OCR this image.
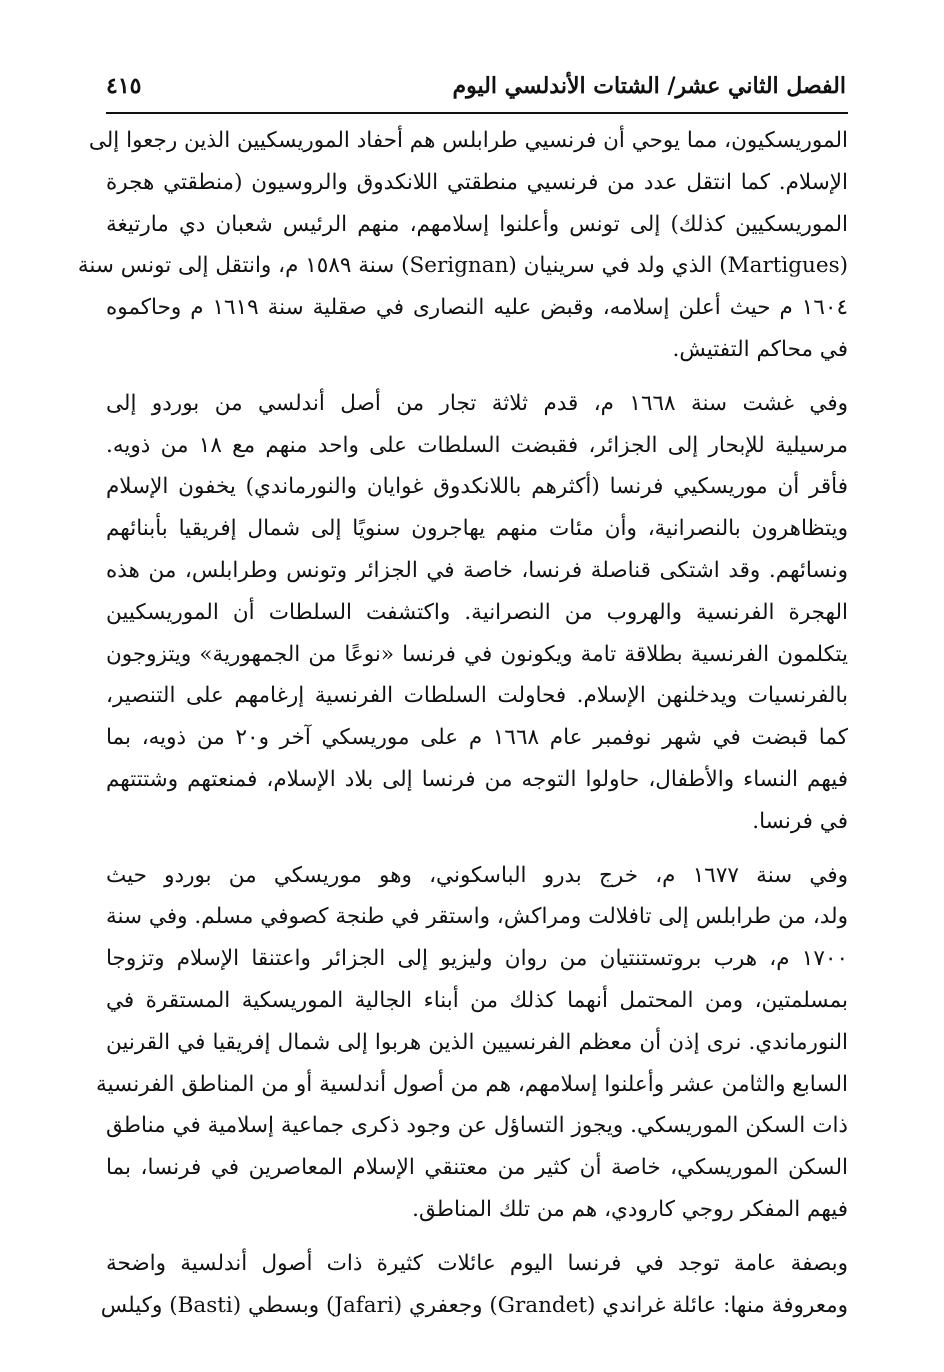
٤١٥	الفصل الثاني عشر/ الشتات الأندلسي اليوم
الموريسكيون، مما يوحي أن فرنسيي طرابلس هم أحفاد الموريسكيين الذين رجعوا إلى
الإسلام. كما انتقل عدد من فرنسيي منطقتي اللانكدوق والروسيون (منطقتي هجرة
الموريسكيين كذلك) إلى تونس وأعلنوا إسلامهم، منهم الرئيس شعبان دي مارتيغة
(Martigues) الذي ولد في سرينيان (Serignan) سنة ١٥٨٩ م، وانتقل إلى تونس سنة
١٦٠٤ م حيث أعلن إسلامه، وقبض عليه النصارى في صقلية سنة ١٦١٩ م وحاكموه
في محاكم التفتيش.
وفي غشت سنة ١٦٦٨ م، قدم ثلاثة تجار من أصل أندلسي من بوردو إلى
مرسيلية للإبحار إلى الجزائر، فقبضت السلطات على واحد منهم مع ١٨ من ذويه.
فأقر أن موريسكيي فرنسا (أكثرهم باللانكدوق غوايان والنورماندي) يخفون الإسلام
ويتظاهرون بالنصرانية، وأن مئات منهم يهاجرون سنويًا إلى شمال إفريقيا بأبنائهم
ونسائهم. وقد اشتكى قناصلة فرنسا، خاصة في الجزائر وتونس وطرابلس، من هذه
الهجرة الفرنسية والهروب من النصرانية. واكتشفت السلطات أن الموريسكيين
يتكلمون الفرنسية بطلاقة تامة ويكونون في فرنسا «نوعًا من الجمهورية» ويتزوجون
بالفرنسيات ويدخلنهن الإسلام. فحاولت السلطات الفرنسية إرغامهم على التنصير،
كما قبضت في شهر نوفمبر عام ١٦٦٨ م على موريسكي آخر و٢٠ من ذويه، بما
فيهم النساء والأطفال، حاولوا التوجه من فرنسا إلى بلاد الإسلام، فمنعتهم وشتتتهم
في فرنسا.
وفي سنة ١٦٧٧ م، خرج بدرو الباسكوني، وهو موريسكي من بوردو حيث
ولد، من طرابلس إلى تافلالت ومراكش، واستقر في طنجة كصوفي مسلم. وفي سنة
١٧٠٠ م، هرب بروتستنتيان من روان وليزيو إلى الجزائر واعتنقا الإسلام وتزوجا
بمسلمتين، ومن المحتمل أنهما كذلك من أبناء الجالية الموريسكية المستقرة في
النورماندي. نرى إذن أن معظم الفرنسيين الذين هربوا إلى شمال إفريقيا في القرنين
السابع والثامن عشر وأعلنوا إسلامهم، هم من أصول أندلسية أو من المناطق الفرنسية
ذات السكن الموريسكي. ويجوز التساؤل عن وجود ذكرى جماعية إسلامية في مناطق
السكن الموريسكي، خاصة أن كثير من معتنقي الإسلام المعاصرين في فرنسا، بما
فيهم المفكر روجي كارودي، هم من تلك المناطق.
وبصفة عامة توجد في فرنسا اليوم عائلات كثيرة ذات أصول أندلسية واضحة
ومعروفة منها: عائلة غراندي (Grandet) وجعفري (Jafari) وبسطي (Basti) وكيلس
